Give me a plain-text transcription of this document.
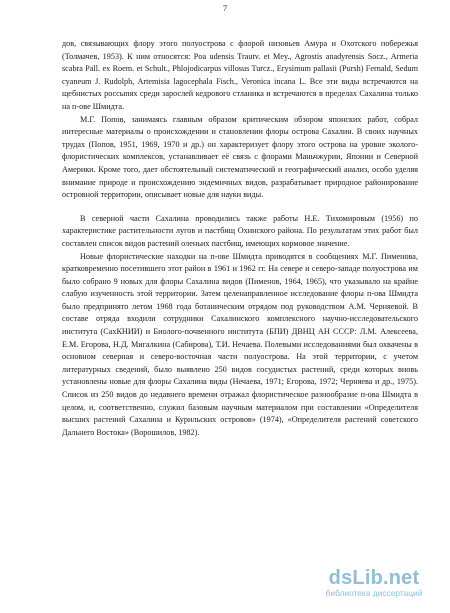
7

дов, связывающих флору этого полуострова с флорой низовьев Амура и Охотского побережья (Толмачев, 1953). К ним относятся: Poa udensis Trautv. et Mey., Agrostis anadyrensis Socz., Armeria scabra Pall. ex Roem. et Schult., Phlojodicarpus villosus Turcz., Erysimum pallasii (Pursh) Fernald, Sedum cyaneum J. Rudolph, Artemisia lagocephala Fisch., Veronica incana L. Все эти виды встречаются на щебнистых россыпях среди зарослей кедрового стланика и встречаются в пределах Сахалина только на п-ове Шмидта.

М.Г. Попов, занимаясь главным образом критическим обзором японских работ, собрал интересные материалы о происхождении и становлении флоры острова Сахалин. В своих научных трудах (Попов, 1951, 1969, 1970 и др.) он характеризует флору этого острова на уровне эколого-флористических комплексов, устанавливает её связь с флорами Маньчжурии, Японии и Северной Америки. Кроме того, дает обстоятельный систематический и географический анализ, особо уделяя внимание природе и происхождению эндемичных видов, разрабатывает природное районирование островной территории, описывает новые для науки виды.

В северной части Сахалина проводились также работы Н.Е. Тихомировым (1956) по характеристике растительности лугов и пастбищ Охинского района. По результатам этих работ был составлен список видов растений оленьих пастбищ, имеющих кормовое значение.

Новые флористические находки на п-ове Шмидта приводятся в сообщениях М.Г. Пименова, кратковременно посетившего этот район в 1961 и 1962 гг. На севере и северо-западе полуострова им было собрано 9 новых для флоры Сахалина видов (Пименов, 1964, 1965), что указывало на крайне слабую изученность этой территории. Затем целенаправленное исследование флоры п-ова Шмидта было предпринято летом 1968 года ботаническим отрядом под руководством А.М. Черняевой. В составе отряда входили сотрудники Сахалинского комплексного научно-исследовательского института (СахКНИИ) и Биолого-почвенного института (БПИ) ДВНЦ АН СССР: Л.М. Алексеева, Е.М. Егорова, Н.Д. Мигалкина (Сабирова), Т.И. Нечаева. Полевыми исследованиями был охвачены в основном северная и северо-восточная части полуострова. На этой территории, с учетом литературных сведений, было выявлено 250 видов сосудистых растений, среди которых вновь установлены новые для флоры Сахалина виды (Нечаева, 1971; Егорова, 1972; Черняева и др., 1975). Список из 250 видов до недавнего времени отражал флористическое разнообразие п-ова Шмидта в целом, и, соответственно, служил базовым научным материалом при составлении «Определителя высших растений Сахалина и Курильских островов» (1974), «Определителя растений советского Дальнего Востока» (Ворошилов, 1982).

dsLib.net
библиотека диссертаций
